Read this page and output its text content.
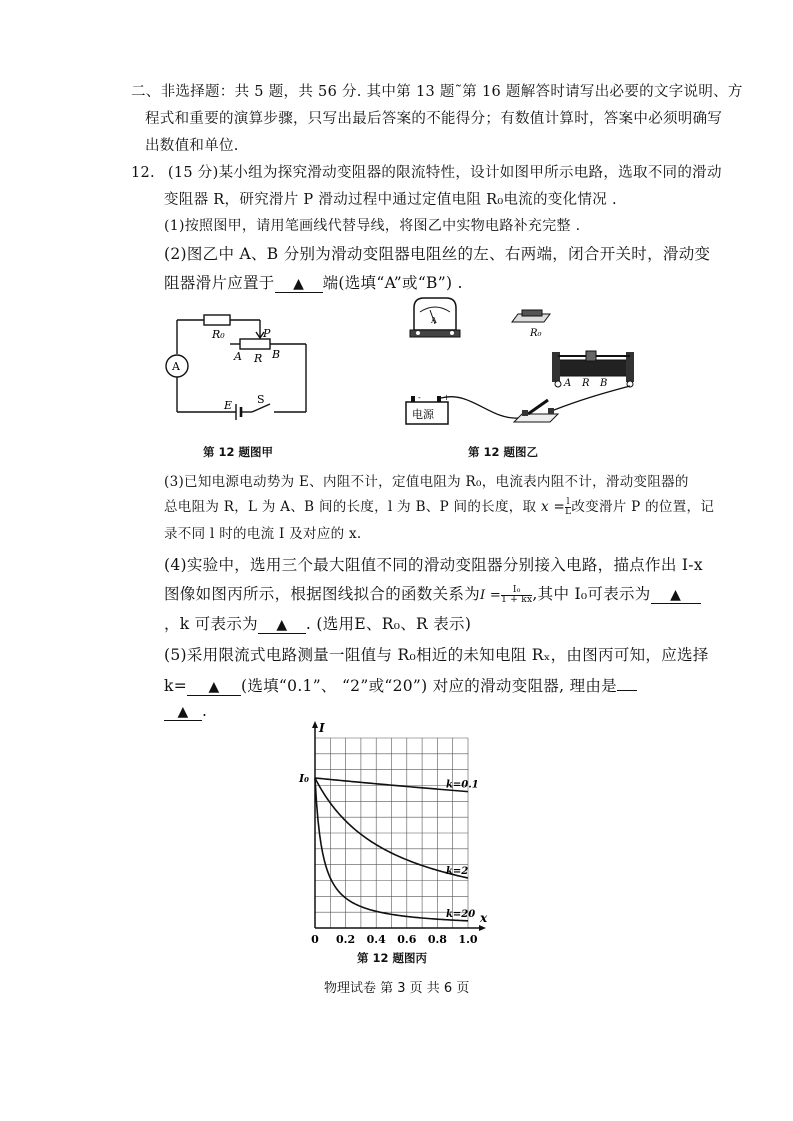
二、非选择题：共 5 题，共 56 分. 其中第 13 题˜第 16 题解答时请写出必要的文字说明、方
程式和重要的演算步骤，只写出最后答案的不能得分；有数值计算时，答案中必须明确写
出数值和单位.
12. (15 分)某小组为探究滑动变阻器的限流特性，设计如图甲所示电路，选取不同的滑动
变阻器 R，研究滑片 P 滑动过程中通过定值电阻 R₀电流的变化情况 .
(1)按照图甲，请用笔画线代替导线，将图乙中实物电路补充完整 .
(2)图乙中 A、B 分别为滑动变阻器电阻丝的左、右两端，闭合开关时，滑动变
阻器滑片应置于 ▲ 端(选填“A”或“B”) .
R₀	P
A R B
A
E S
第 12 题图甲
A
R₀
A R B
电源
-	+
第 12 题图乙
(3)已知电源电动势为 E、内阻不计，定值电阻为 R₀，电流表内阻不计，滑动变阻器的
总电阻为 R，L 为 A、B 间的长度，l 为 B、P 间的长度，取 $x = \frac{l}{L}$ 改变滑片 P 的位置，记
录不同 l 时的电流 I 及对应的 x.
(4)实验中，选用三个最大阻值不同的滑动变阻器分别接入电路，描点作出 I-x
图像如图丙所示，根据图线拟合的函数关系为$I = \frac{\text{I₀}}{1 + kx}$ ,其中 I₀可表示为 ▲
，k 可表示为 ▲ . (选用E、R₀、R 表示)
(5)采用限流式电路测量一阻值与 R₀相近的未知电阻 Rₓ，由图丙可知，应选择
k= ▲ (选填“0.1”、 “2”或“20”) 对应的滑动变阻器, 理由是
▲ .
0 0.2 0.4 0.6 0.8 1.0
I
x
I₀
k=0.1
k=2
k=20
第 12 题图丙
物理试卷 第 3 页 共 6 页
